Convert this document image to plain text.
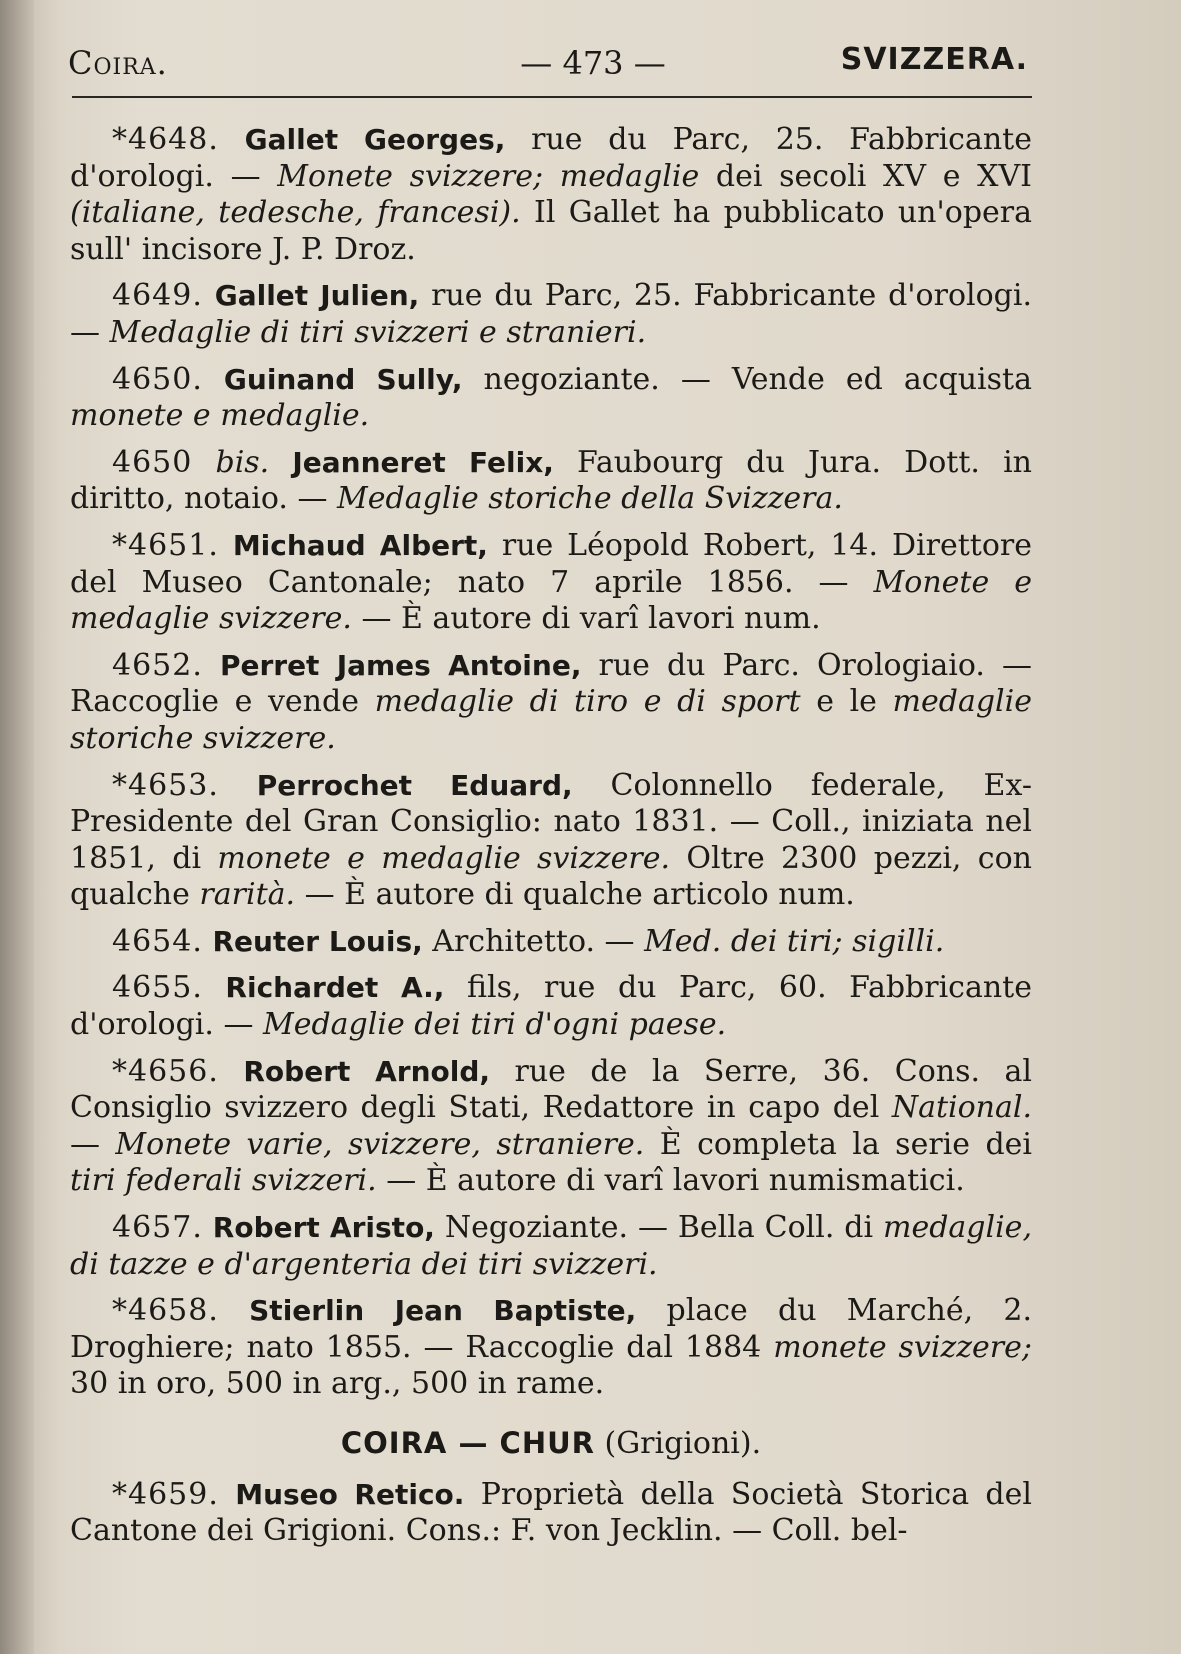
Coira.	— 473 —	SVIZZERA.

*4648. Gallet Georges, rue du Parc, 25. Fabbricante d'orologi. — Monete svizzere; medaglie dei secoli XV e XVI (italiane, tedesche, francesi). Il Gallet ha pubblicato un'opera sull' incisore J. P. Droz.

4649. Gallet Julien, rue du Parc, 25. Fabbricante d'orologi. — Medaglie di tiri svizzeri e stranieri.

4650. Guinand Sully, negoziante. — Vende ed acquista monete e medaglie.

4650 bis. Jeanneret Felix, Faubourg du Jura. Dott. in diritto, notaio. — Medaglie storiche della Svizzera.

*4651. Michaud Albert, rue Léopold Robert, 14. Direttore del Museo Cantonale; nato 7 aprile 1856. — Monete e medaglie svizzere. — È autore di varî lavori num.

4652. Perret James Antoine, rue du Parc. Orologiaio. — Raccoglie e vende medaglie di tiro e di sport e le medaglie storiche svizzere.

*4653. Perrochet Eduard, Colonnello federale, Ex-Presidente del Gran Consiglio: nato 1831. — Coll., iniziata nel 1851, di monete e medaglie svizzere. Oltre 2300 pezzi, con qualche rarità. — È autore di qualche articolo num.

4654. Reuter Louis, Architetto. — Med. dei tiri; sigilli.

4655. Richardet A., fils, rue du Parc, 60. Fabbricante d'orologi. — Medaglie dei tiri d'ogni paese.

*4656. Robert Arnold, rue de la Serre, 36. Cons. al Consiglio svizzero degli Stati, Redattore in capo del National. — Monete varie, svizzere, straniere. È completa la serie dei tiri federali svizzeri. — È autore di varî lavori numismatici.

4657. Robert Aristo, Negoziante. — Bella Coll. di medaglie, di tazze e d'argenteria dei tiri svizzeri.

*4658. Stierlin Jean Baptiste, place du Marché, 2. Droghiere; nato 1855. — Raccoglie dal 1884 monete svizzere; 30 in oro, 500 in arg., 500 in rame.

COIRA — CHUR (Grigioni).

*4659. Museo Retico. Proprietà della Società Storica del Cantone dei Grigioni. Cons.: F. von Jecklin. — Coll. bel-
